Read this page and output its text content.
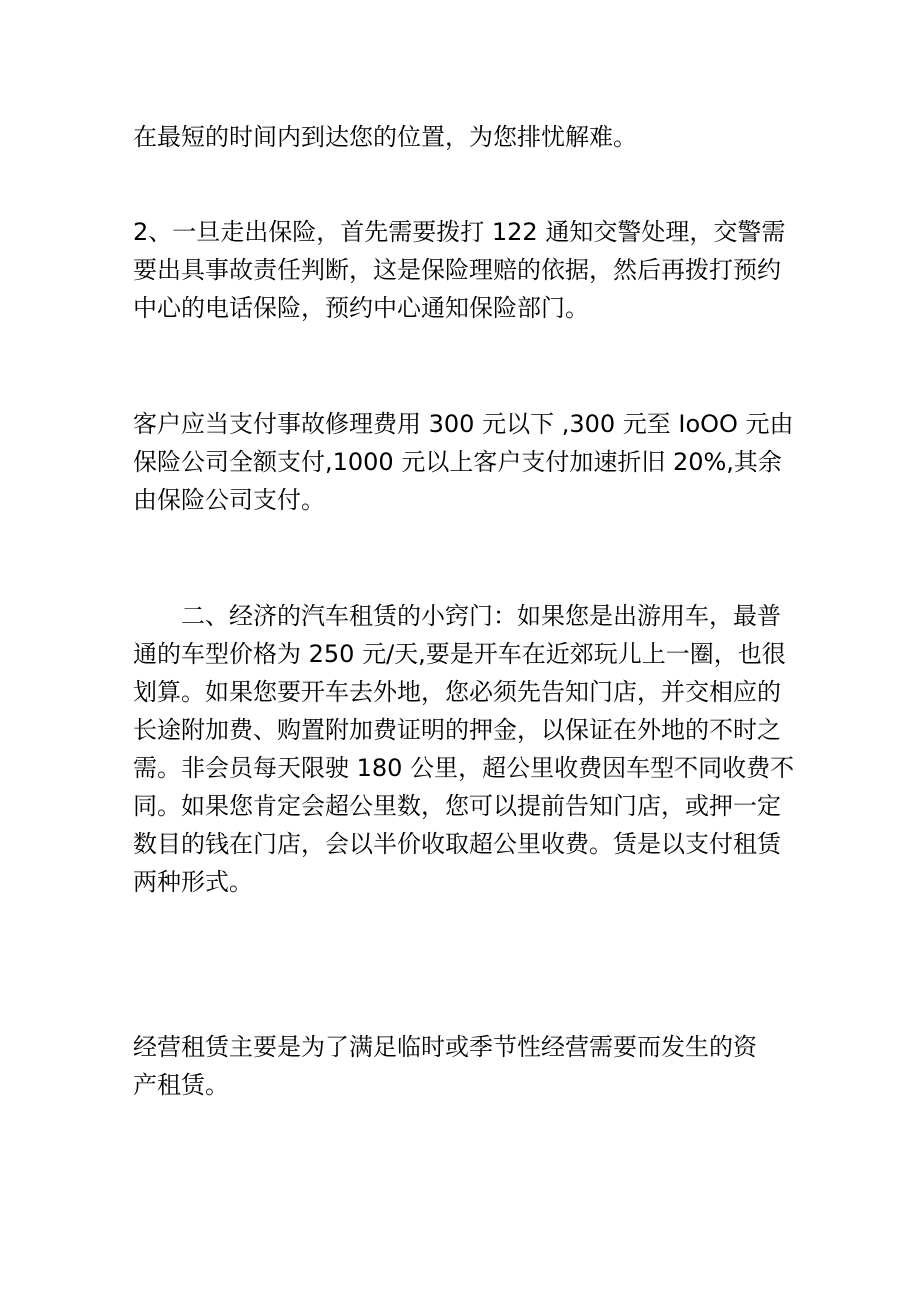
在最短的时间内到达您的位置，为您排忧解难。
2、一旦走出保险，首先需要拨打 122 通知交警处理，交警需
要出具事故责任判断，这是保险理赔的依据，然后再拨打预约
中心的电话保险，预约中心通知保险部门。
客户应当支付事故修理费用 300 元以下 ,300 元至 IoOO 元由
保险公司全额支付,1000 元以上客户支付加速折旧 20%,其余
由保险公司支付。
二、经济的汽车租赁的小窍门：如果您是出游用车，最普
通的车型价格为 250 元/天,要是开车在近郊玩儿上一圈，也很
划算。如果您要开车去外地，您必须先告知门店，并交相应的
长途附加费、购置附加费证明的押金，以保证在外地的不时之
需。非会员每天限驶 180 公里，超公里收费因车型不同收费不
同。如果您肯定会超公里数，您可以提前告知门店，或押一定
数目的钱在门店，会以半价收取超公里收费。赁是以支付租赁
两种形式。
经营租赁主要是为了满足临时或季节性经营需要而发生的资
产租赁。
